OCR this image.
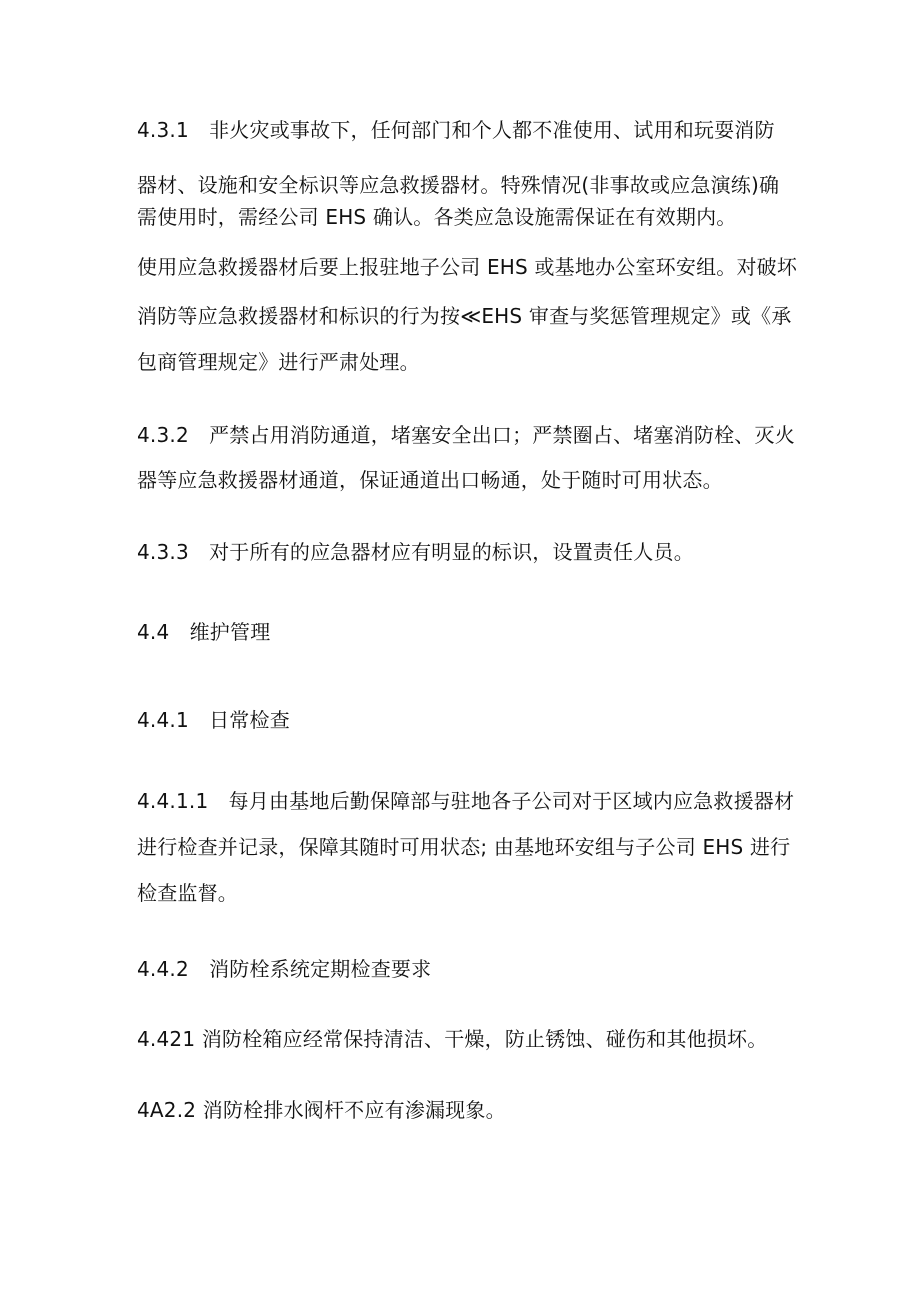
4.3.1　非火灾或事故下，任何部门和个人都不准使用、试用和玩耍消防
器材、设施和安全标识等应急救援器材。特殊情况(非事故或应急演练)确
需使用时，需经公司 EHS 确认。各类应急设施需保证在有效期内。
使用应急救援器材后要上报驻地子公司 EHS 或基地办公室环安组。对破坏
消防等应急救援器材和标识的行为按≪EHS 审查与奖惩管理规定》或《承
包商管理规定》进行严肃处理。
4.3.2　严禁占用消防通道，堵塞安全出口；严禁圈占、堵塞消防栓、灭火
器等应急救援器材通道，保证通道出口畅通，处于随时可用状态。
4.3.3　对于所有的应急器材应有明显的标识，设置责任人员。
4.4　维护管理
4.4.1　日常检查
4.4.1.1　每月由基地后勤保障部与驻地各子公司对于区域内应急救援器材
进行检查并记录，保障其随时可用状态; 由基地环安组与子公司 EHS 进行
检查监督。
4.4.2　消防栓系统定期检查要求
4.421 消防栓箱应经常保持清洁、干燥，防止锈蚀、碰伤和其他损坏。
4A2.2 消防栓排水阀杆不应有渗漏现象。
